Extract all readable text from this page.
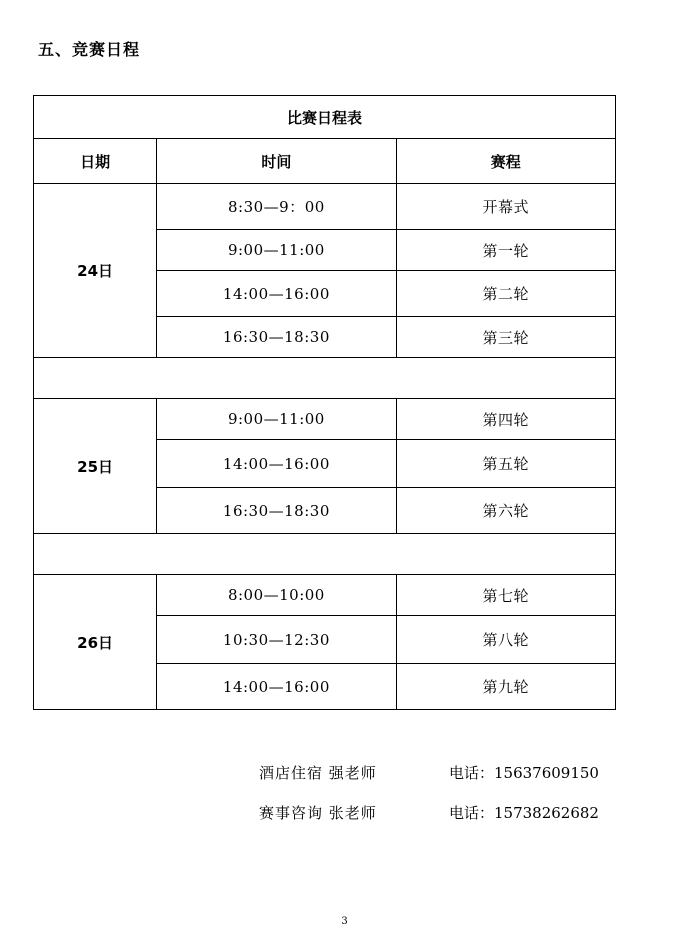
五、竞赛日程
比赛日程表		
日期	时间	赛程
24日	8:30—9：00	开幕式
	9:00—11:00	第一轮
	14:00—16:00	第二轮
	16:30—18:30	第三轮

25日	9:00—11:00	第四轮
	14:00—16:00	第五轮
	16:30—18:30	第六轮

26日	8:00—10:00	第七轮
	10:30—12:30	第八轮
	14:00—16:00	第九轮
酒店住宿 强老师	电话：15637609150
赛事咨询 张老师	电话：15738262682
3
